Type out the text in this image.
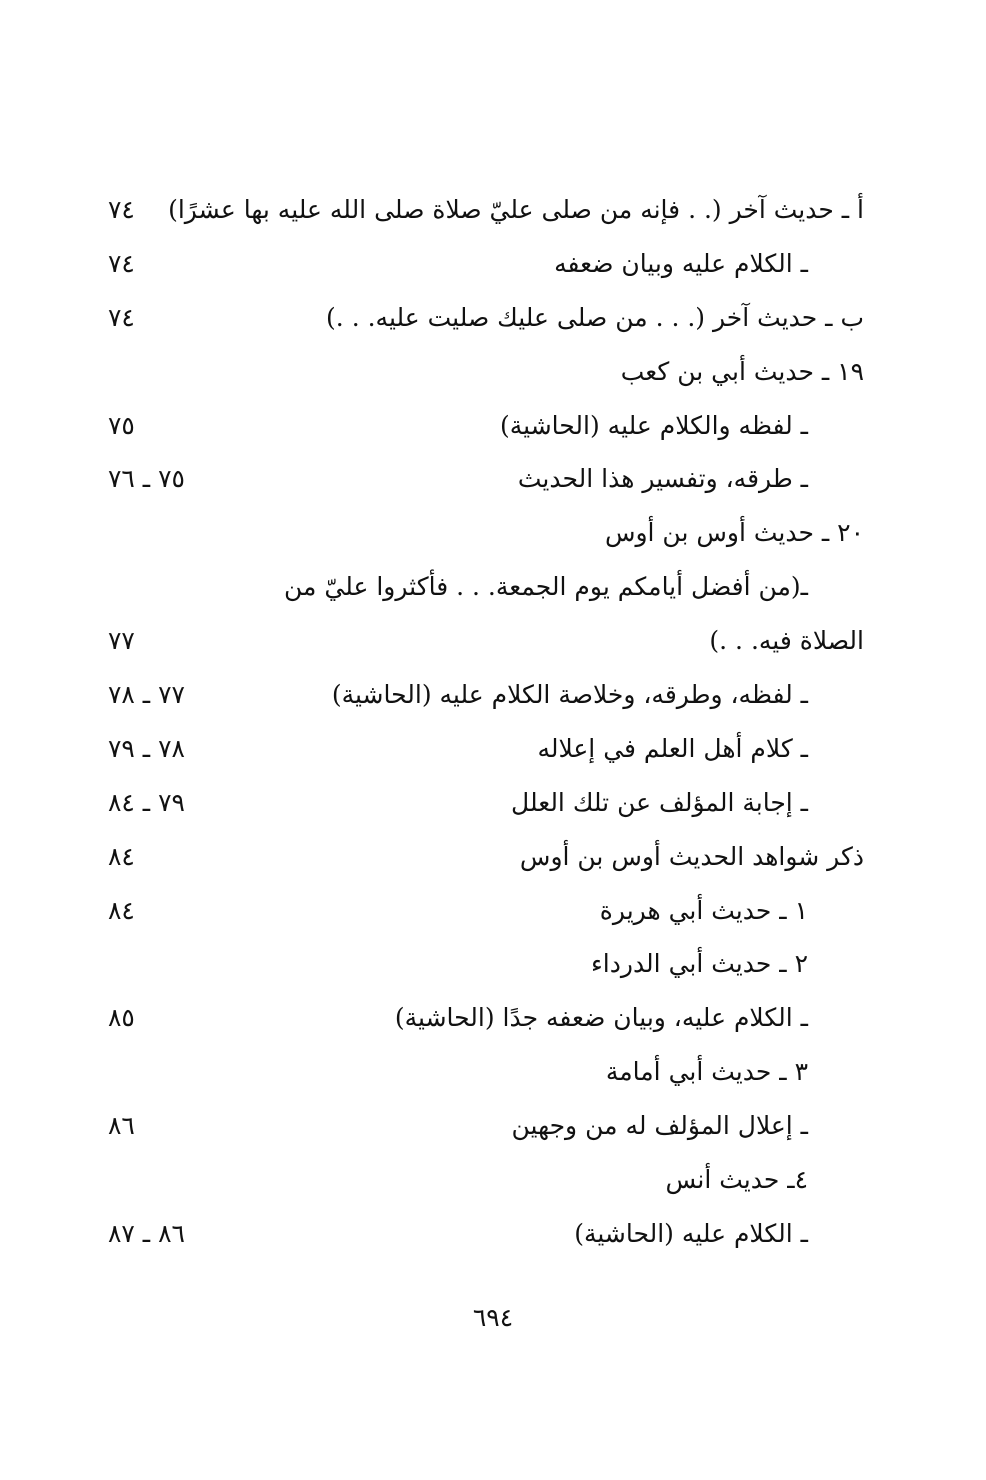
أ ـ حديث آخر (. . فإنه من صلى عليّ صلاة صلى الله عليه بها عشرًا)
٧٤
ـ الكلام عليه وبيان ضعفه
٧٤
ب ـ حديث آخر (. . . من صلى عليك صليت عليه. . .)
٧٤
١٩ ـ حديث أبي بن كعب
ـ لفظه والكلام عليه (الحاشية)
٧٥
ـ طرقه، وتفسير هذا الحديث
٧٥ ـ ٧٦
٢٠ ـ حديث أوس بن أوس
ـ(من أفضل أيامكم يوم الجمعة. . . فأكثروا عليّ من
الصلاة فيه. . .)
٧٧
ـ لفظه، وطرقه، وخلاصة الكلام عليه (الحاشية)
٧٧ ـ ٧٨
ـ كلام أهل العلم في إعلاله
٧٨ ـ ٧٩
ـ إجابة المؤلف عن تلك العلل
٧٩ ـ ٨٤
ذكر شواهد الحديث أوس بن أوس
٨٤
١ ـ حديث أبي هريرة
٨٤
٢ ـ حديث أبي الدرداء
ـ الكلام عليه، وبيان ضعفه جدًا (الحاشية)
٨٥
٣ ـ حديث أبي أمامة
ـ إعلال المؤلف له من وجهين
٨٦
٤ـ حديث أنس
ـ الكلام عليه (الحاشية)
٨٦ ـ ٨٧
٦٩٤
